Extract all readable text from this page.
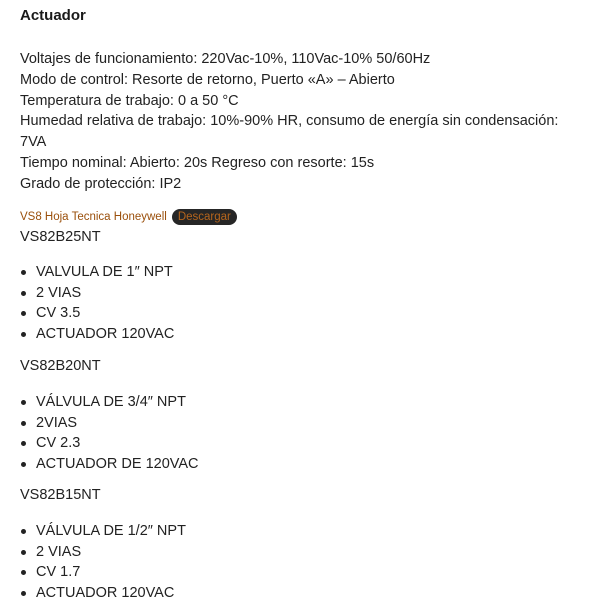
Actuador

Voltajes de funcionamiento: 220Vac-10%, 110Vac-10% 50/60Hz

Modo de control: Resorte de retorno, Puerto «A» – Abierto

Temperatura de trabajo: 0 a 50 °C

Humedad relativa de trabajo: 10%-90% HR, consumo de energía sin condensación:

7VA

Tiempo nominal: Abierto: 20s Regreso con resorte: 15s

Grado de protección: IP2

VS8 Hoja Tecnica Honeywell Descargar
VS82B25NT
VALVULA DE 1″ NPT
2 VIAS
CV 3.5
ACTUADOR 120VAC
VS82B20NT
VÁLVULA DE 3/4″ NPT
2VIAS
CV 2.3
ACTUADOR DE 120VAC
VS82B15NT
VÁLVULA DE 1/2″ NPT
2 VIAS
CV 1.7
ACTUADOR 120VAC
